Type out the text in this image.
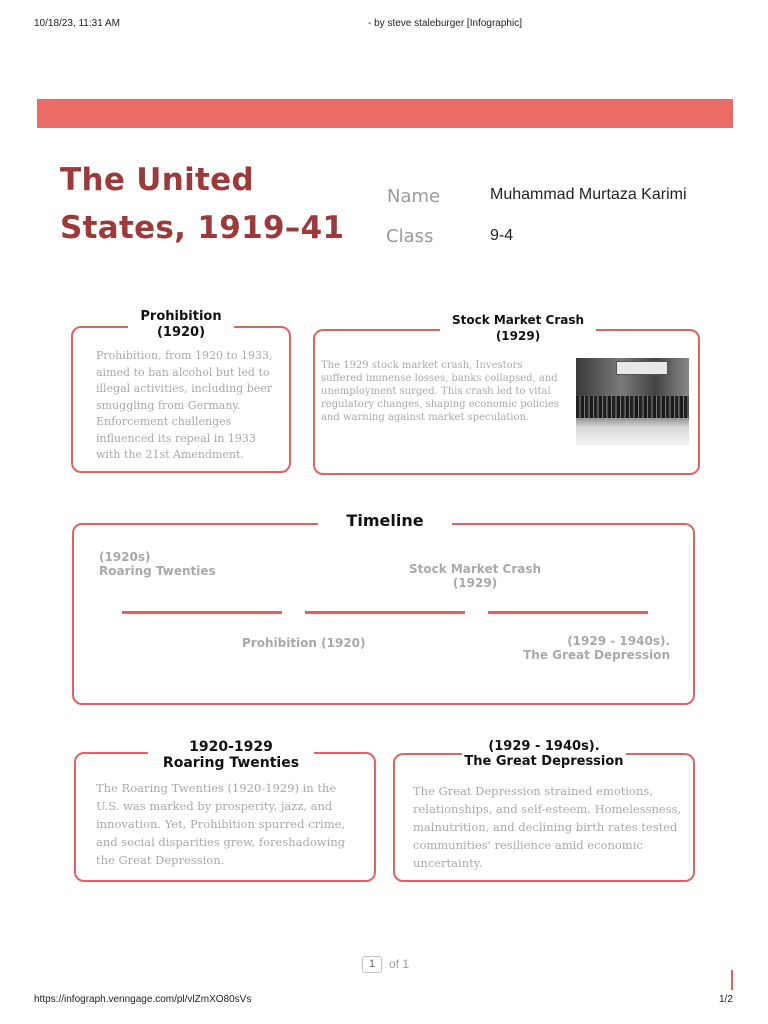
10/18/23, 11:31 AM	- by steve staleburger [Infographic]
The United
States, 1919–41
Name	Muhammad Murtaza Karimi
Class	9-4
Prohibition
(1920)
Prohibition, from 1920 to 1933, aimed to ban alcohol but led to illegal activities, including beer smuggling from Germany. Enforcement challenges influenced its repeal in 1933 with the 21st Amendment.
Stock Market Crash
(1929)
The 1929 stock market crash, Investors suffered immense losses, banks collapsed, and unemployment surged. This crash led to vital regulatory changes, shaping economic policies and warning against market speculation.
Timeline
(1920s)
Roaring Twenties	Stock Market Crash
(1929)
Prohibition (1920)	(1929 - 1940s).
The Great Depression
1920-1929
Roaring Twenties
The Roaring Twenties (1920-1929) in the U.S. was marked by prosperity, jazz, and innovation. Yet, Prohibition spurred crime, and social disparities grew, foreshadowing the Great Depression.
(1929 - 1940s).
The Great Depression
The Great Depression strained emotions, relationships, and self-esteem. Homelessness, malnutrition, and declining birth rates tested communities' resilience amid economic uncertainty.
1	of 1
https://infograph.venngage.com/pl/vlZmXO80sVs	1/2
